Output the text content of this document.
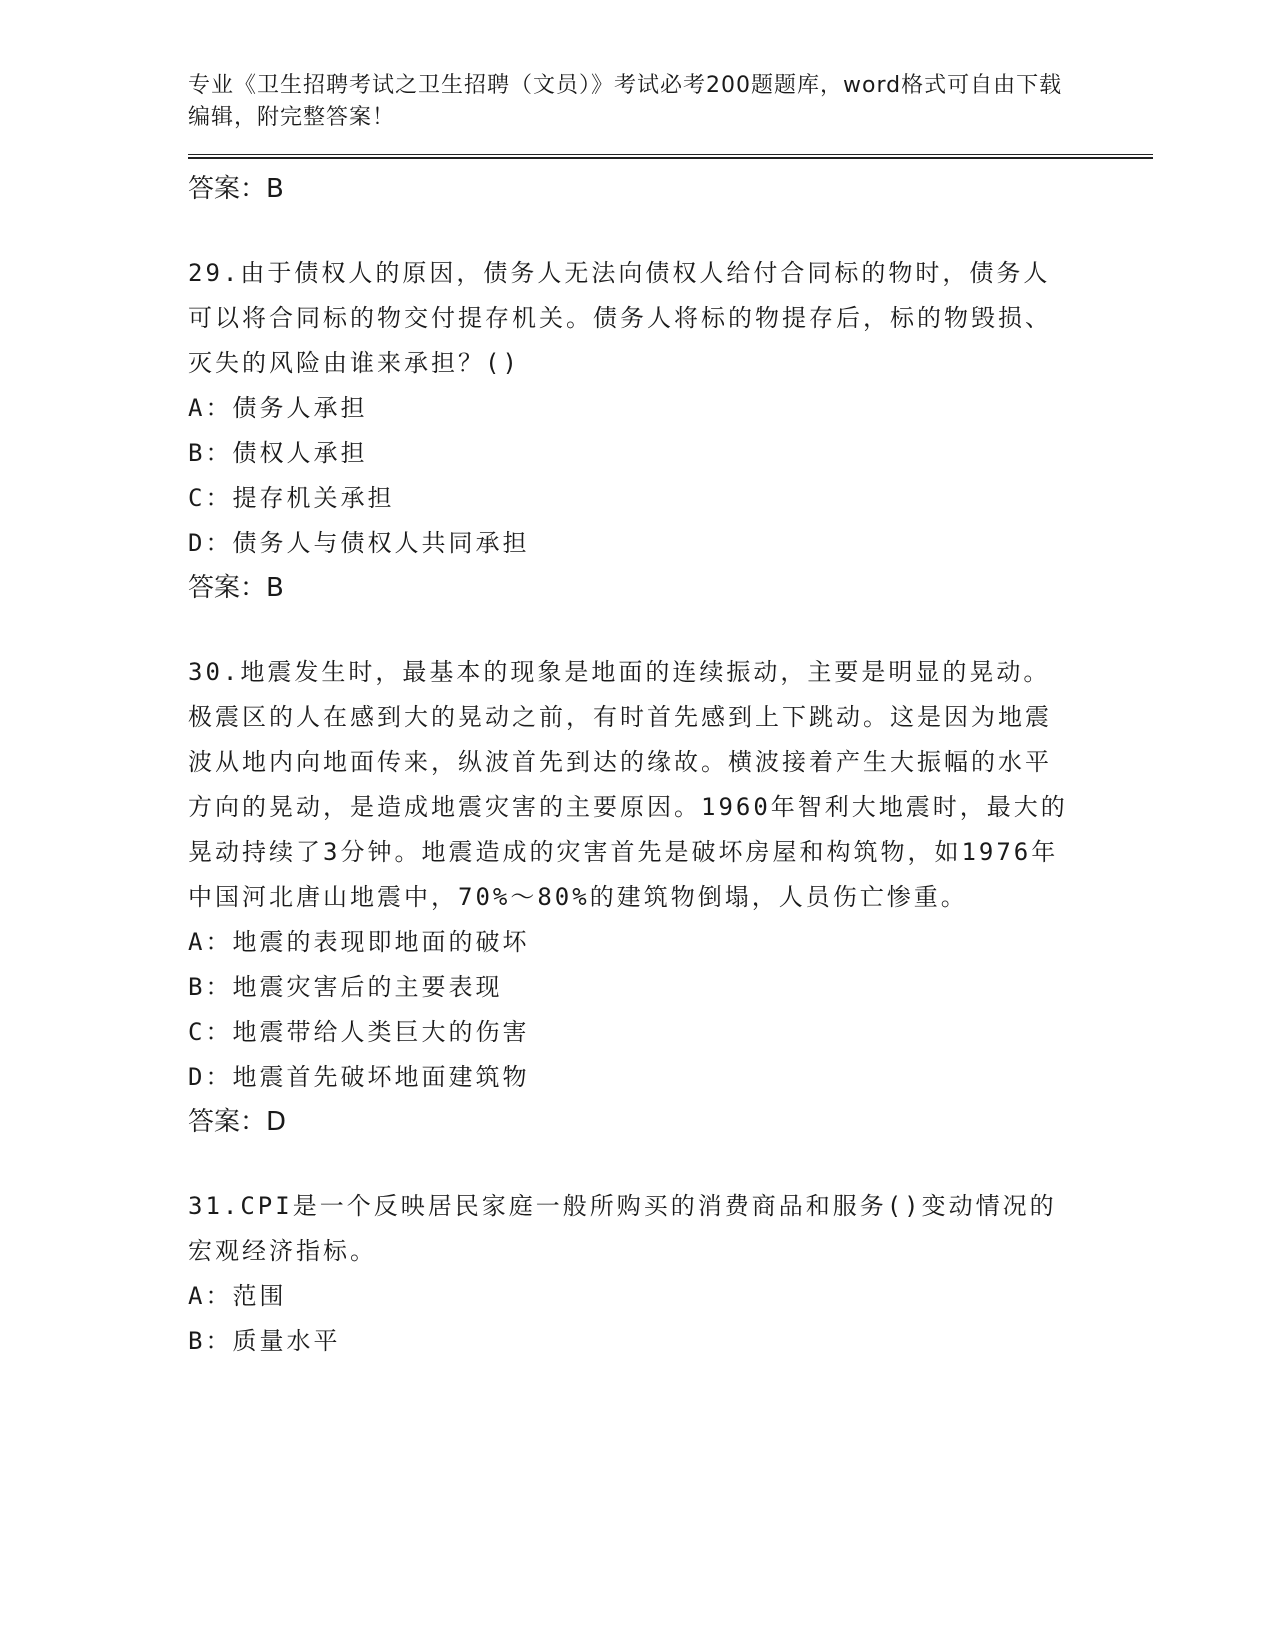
专业《卫生招聘考试之卫生招聘（文员）》考试必考200题题库，word格式可自由下载编辑，附完整答案！
答案：B

29.由于债权人的原因，债务人无法向债权人给付合同标的物时，债务人可以将合同标的物交付提存机关。债务人将标的物提存后，标的物毁损、灭失的风险由谁来承担？()

A：债务人承担

B：债权人承担

C：提存机关承担

D：债务人与债权人共同承担

答案：B

30.地震发生时，最基本的现象是地面的连续振动，主要是明显的晃动。极震区的人在感到大的晃动之前，有时首先感到上下跳动。这是因为地震波从地内向地面传来，纵波首先到达的缘故。横波接着产生大振幅的水平方向的晃动，是造成地震灾害的主要原因。1960年智利大地震时，最大的晃动持续了3分钟。地震造成的灾害首先是破坏房屋和构筑物，如1976年中国河北唐山地震中，70%～80%的建筑物倒塌，人员伤亡惨重。

A：地震的表现即地面的破坏

B：地震灾害后的主要表现

C：地震带给人类巨大的伤害

D：地震首先破坏地面建筑物

答案：D

31.CPI是一个反映居民家庭一般所购买的消费商品和服务()变动情况的宏观经济指标。

A：范围

B：质量水平
